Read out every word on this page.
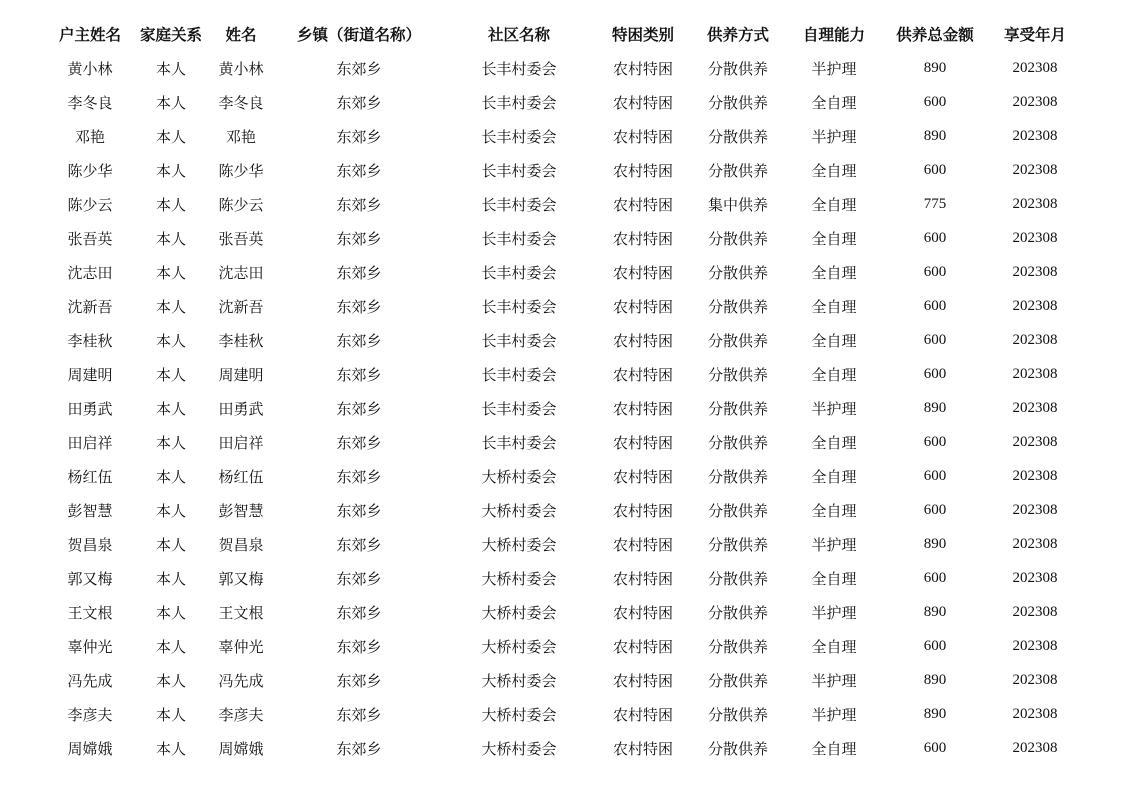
户主姓名	家庭关系	姓名	乡镇（街道名称）	社区名称	特困类别	供养方式	自理能力	供养总金额	享受年月
黄小林	本人	黄小林	东郊乡	长丰村委会	农村特困	分散供养	半护理	890	202308
李冬良	本人	李冬良	东郊乡	长丰村委会	农村特困	分散供养	全自理	600	202308
邓艳	本人	邓艳	东郊乡	长丰村委会	农村特困	分散供养	半护理	890	202308
陈少华	本人	陈少华	东郊乡	长丰村委会	农村特困	分散供养	全自理	600	202308
陈少云	本人	陈少云	东郊乡	长丰村委会	农村特困	集中供养	全自理	775	202308
张吾英	本人	张吾英	东郊乡	长丰村委会	农村特困	分散供养	全自理	600	202308
沈志田	本人	沈志田	东郊乡	长丰村委会	农村特困	分散供养	全自理	600	202308
沈新吾	本人	沈新吾	东郊乡	长丰村委会	农村特困	分散供养	全自理	600	202308
李桂秋	本人	李桂秋	东郊乡	长丰村委会	农村特困	分散供养	全自理	600	202308
周建明	本人	周建明	东郊乡	长丰村委会	农村特困	分散供养	全自理	600	202308
田勇武	本人	田勇武	东郊乡	长丰村委会	农村特困	分散供养	半护理	890	202308
田启祥	本人	田启祥	东郊乡	长丰村委会	农村特困	分散供养	全自理	600	202308
杨红伍	本人	杨红伍	东郊乡	大桥村委会	农村特困	分散供养	全自理	600	202308
彭智慧	本人	彭智慧	东郊乡	大桥村委会	农村特困	分散供养	全自理	600	202308
贺昌泉	本人	贺昌泉	东郊乡	大桥村委会	农村特困	分散供养	半护理	890	202308
郭又梅	本人	郭又梅	东郊乡	大桥村委会	农村特困	分散供养	全自理	600	202308
王文根	本人	王文根	东郊乡	大桥村委会	农村特困	分散供养	半护理	890	202308
辜仲光	本人	辜仲光	东郊乡	大桥村委会	农村特困	分散供养	全自理	600	202308
冯先成	本人	冯先成	东郊乡	大桥村委会	农村特困	分散供养	半护理	890	202308
李彦夫	本人	李彦夫	东郊乡	大桥村委会	农村特困	分散供养	半护理	890	202308
周嫦娥	本人	周嫦娥	东郊乡	大桥村委会	农村特困	分散供养	全自理	600	202308
